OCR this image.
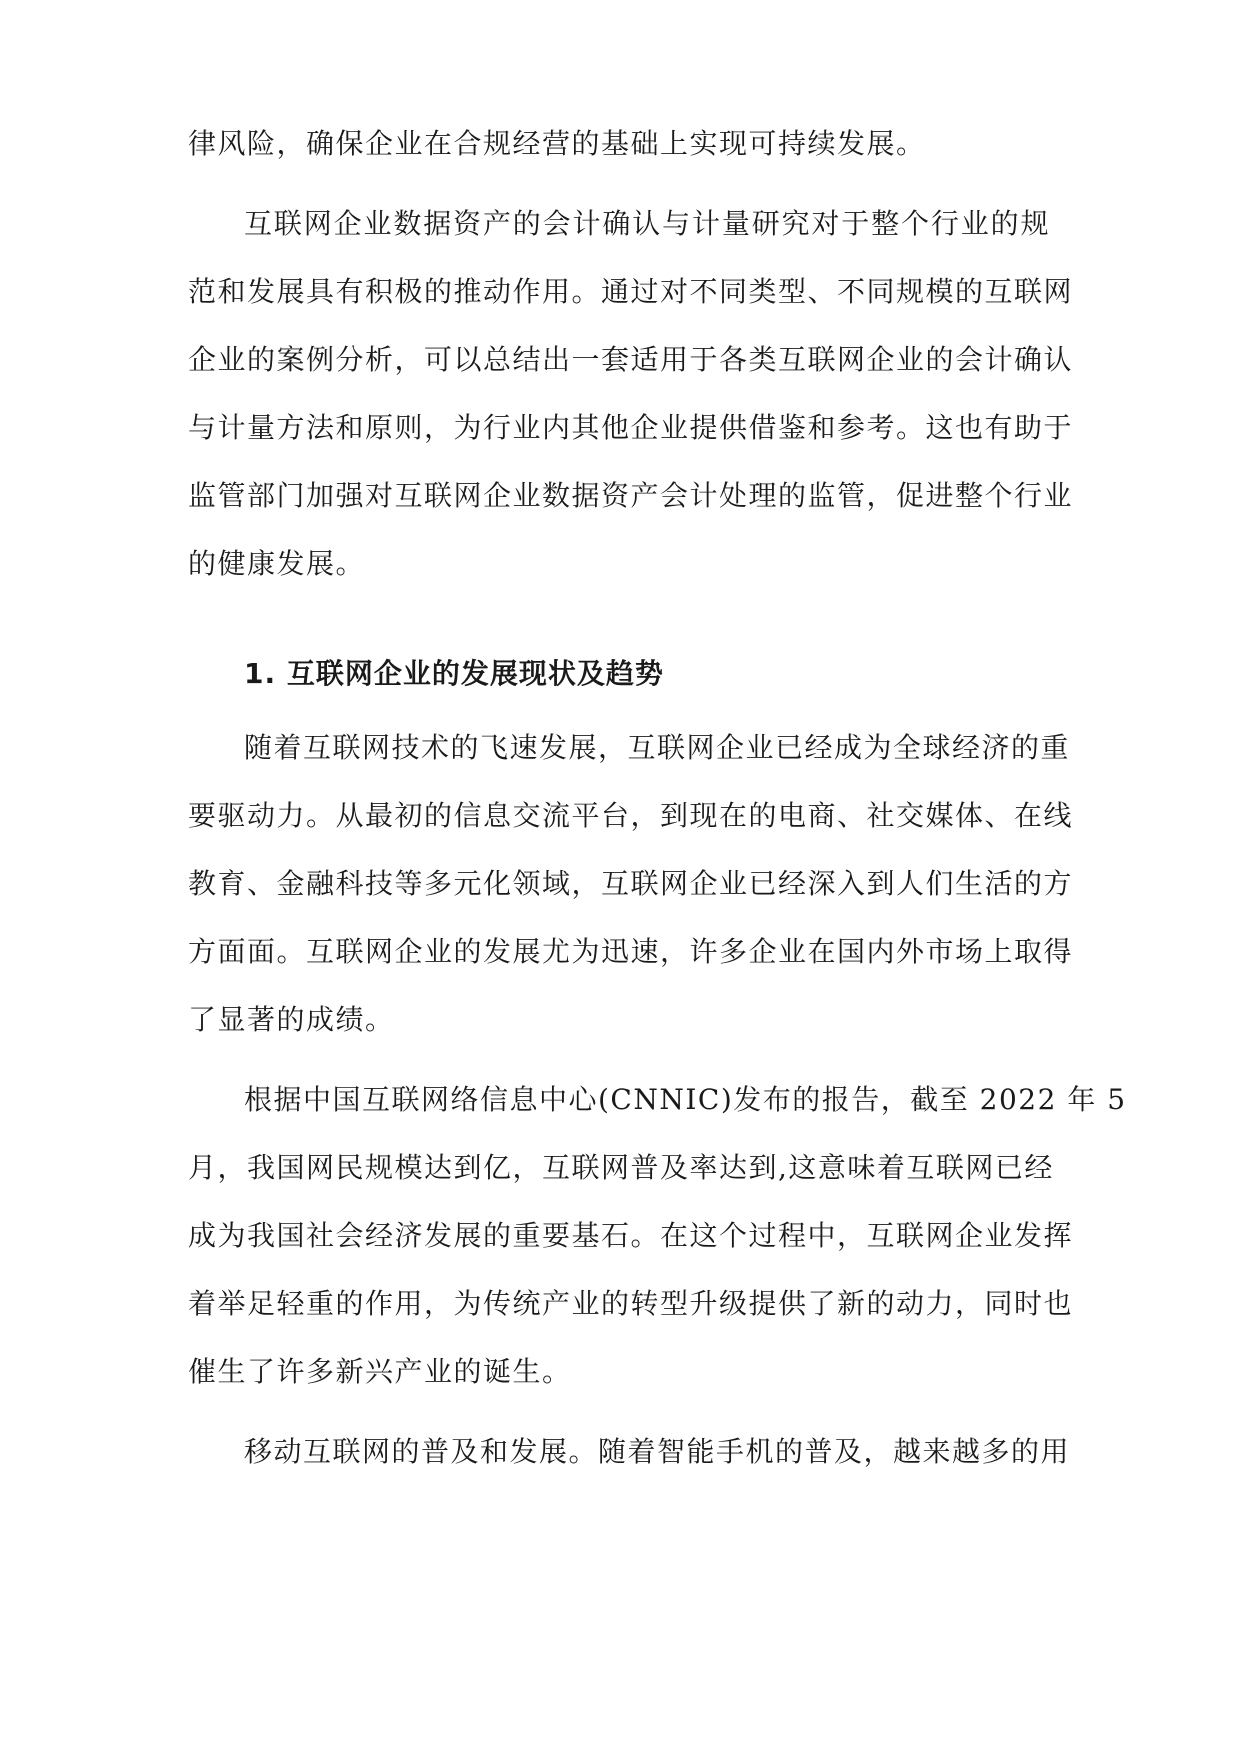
律风险，确保企业在合规经营的基础上实现可持续发展。
互联网企业数据资产的会计确认与计量研究对于整个行业的规
范和发展具有积极的推动作用。通过对不同类型、不同规模的互联网
企业的案例分析，可以总结出一套适用于各类互联网企业的会计确认
与计量方法和原则，为行业内其他企业提供借鉴和参考。这也有助于
监管部门加强对互联网企业数据资产会计处理的监管，促进整个行业
的健康发展。
1. 互联网企业的发展现状及趋势
随着互联网技术的飞速发展，互联网企业已经成为全球经济的重
要驱动力。从最初的信息交流平台，到现在的电商、社交媒体、在线
教育、金融科技等多元化领域，互联网企业已经深入到人们生活的方
方面面。互联网企业的发展尤为迅速，许多企业在国内外市场上取得
了显著的成绩。
根据中国互联网络信息中心(CNNIC)发布的报告，截至 2022 年 5
月，我国网民规模达到亿，互联网普及率达到,这意味着互联网已经
成为我国社会经济发展的重要基石。在这个过程中，互联网企业发挥
着举足轻重的作用，为传统产业的转型升级提供了新的动力，同时也
催生了许多新兴产业的诞生。
移动互联网的普及和发展。随着智能手机的普及，越来越多的用
